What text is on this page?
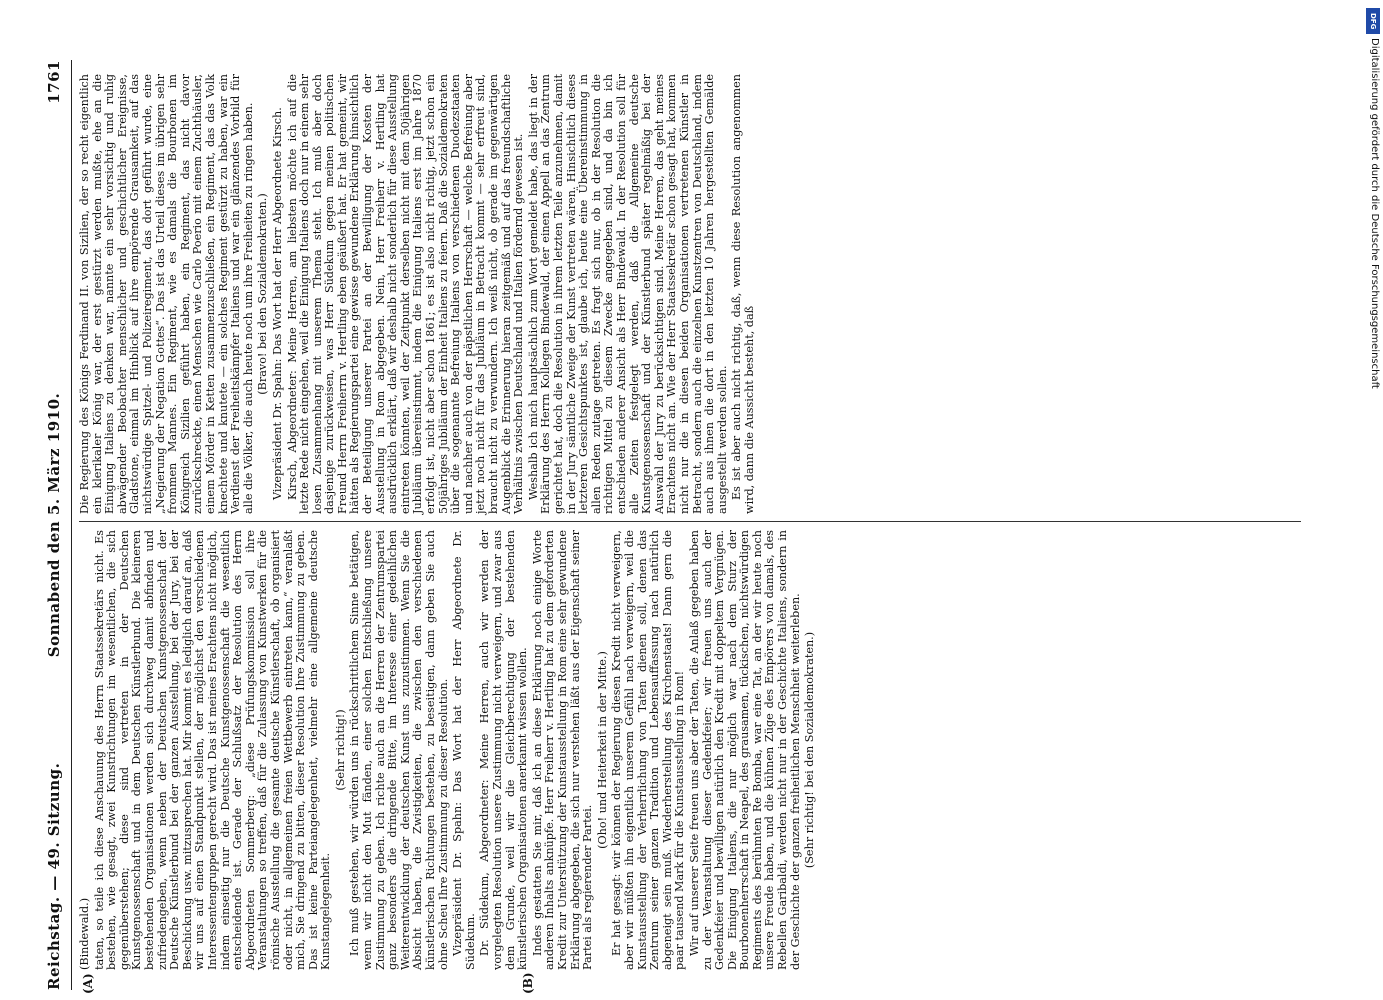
Reichstag. — 49. Sitzung.
Sonnabend den 5. März 1910.
1761
(A)	(B)

(Bindewald.) taten, so teile ich diese Anschauung des Herrn Staatssekretärs nicht. Es bestehen, wie gesagt, zwei Kunstrichtungen im wesentlichen, die sich gegenüberstehen; diese sind vertreten in der Deutschen Kunstgenossenschaft und in dem Deutschen Künstlerbund. Die kleineren bestehenden Organisationen werden sich durchweg damit abfinden und zufriedengeben, wenn neben der Deutschen Kunstgenossenschaft der Deutsche Künstlerbund bei der ganzen Ausstellung, bei der Jury, bei der Beschickung usw. mitzusprechen hat. Mir kommt es lediglich darauf an, daß wir uns auf einen Standpunkt stellen, der möglichst den verschiedenen Interessentengruppen gerecht wird. Das ist meines Erachtens nicht möglich, indem einseitig nur die Deutsche Kunstgenossenschaft die wesentlich entscheidende ist. Gerade der Schlußsatz der Resolution des Herrn Abgeordneten Sommerberg: „diese Prüfungskommission soll ihre Veranstaltungen so treffen, daß für die Zulassung von Kunstwerken für die römische Ausstellung die gesamte deutsche Künstlerschaft, ob organisiert oder nicht, in allgemeinen freien Wettbewerb eintreten kann,“ veranlaßt mich, Sie dringend zu bitten, dieser Resolution Ihre Zustimmung zu geben. Das ist keine Parteiangelegenheit, vielmehr eine allgemeine deutsche Kunstangelegenheit.

(Sehr richtig!) Ich muß gestehen, wir würden uns in rückschrittlichem Sinne betätigen, wenn wir nicht den Mut fänden, einer solchen Entschließung unsere Zustimmung zu geben. Ich richte auch an die Herren der Zentrumspartei ganz besonders die dringende Bitte, im Interesse einer gedeihlichen Weiterentwicklung der deutschen Kunst uns zuzustimmen. Wenn Sie die Absicht haben, die Zwistigkeiten, die zwischen den verschiedenen künstlerischen Richtungen bestehen, zu beseitigen, dann geben Sie auch ohne Scheu Ihre Zustimmung zu dieser Resolution. Vizepräsident Dr. Spahn: Das Wort hat der Herr Abgeordnete Dr. Südekum. Dr. Südekum, Abgeordneter: Meine Herren, auch wir werden der vorgelegten Resolution unsere Zustimmung nicht verweigern, und zwar aus dem Grunde, weil wir die Gleichberechtigung der bestehenden künstlerischen Organisationen anerkannt wissen wollen. Indes gestatten Sie mir, daß ich an diese Erklärung noch einige Worte anderen Inhalts anknüpfe. Herr Freiherr v. Hertling hat zu dem geforderten Kredit zur Unterstützung der Kunstausstellung in Rom eine sehr gewundene Erklärung abgegeben, die sich nur verstehen läßt aus der Eigenschaft seiner Partei als regierender Partei.

(Oho! und Heiterkeit in der Mitte.) Er hat gesagt: wir können der Regierung diesen Kredit nicht verweigern, aber wir müßten ihn eigentlich unserem Gefühl nach verweigern, weil die Kunstausstellung der Verherrlichung von Taten dienen soll, denen das Zentrum seiner ganzen Tradition und Lebensauffassung nach natürlich abgeneigt sein muß. Wiederherstellung des Kirchenstaats! Dann gern die paar tausend Mark für die Kunstausstellung in Rom! Wir auf unserer Seite freuen uns aber der Taten, die Anlaß gegeben haben zu der Veranstaltung dieser Gedenkfeier; wir freuen uns auch der Gedenkfeier und bewilligen natürlich den Kredit mit doppeltem Vergnügen. Die Einigung Italiens, die nur möglich war nach dem Sturz der Bourbonenherrschaft in Neapel, des grausamen, tückischen, nichtswürdigen Regiments des berühmten Re Bomba, war eine Tat, an der wir heute noch unsere Freude haben, und die kühnen Züge des Empörers von damals, des Rebellen Garibaldi, werden nicht nur in der Geschichte Italiens, sondern in der Geschichte der ganzen freiheitlichen Menschheit weiterleben. (Sehr richtig! bei den Sozialdemokraten.)

Die Regierung des Königs Ferdinand II. von Sizilien, der so recht eigentlich ein klerikaler König war, der erst gestürzt werden mußte, ehe an die Einigung Italiens zu denken war, nannte ein sehr vorsichtig und ruhig abwägender Beobachter menschlicher und geschichtlicher Ereignisse, Gladstone, einmal im Hinblick auf ihre empörende Grausamkeit, auf das nichtswürdige Spitzel- und Polizeiregiment, das dort geführt wurde, eine „Negierung der Negation Gottes“. Das ist das Urteil dieses im übrigen sehr frommen Mannes. Ein Regiment, wie es damals die Bourbonen im Königreich Sizilien geführt haben, ein Regiment, das nicht davor zurückschreckte, einen Menschen wie Carlo Poerio mit einem Zuchthäusler, einem Mörder in Ketten zusammenzuschließen, ein Regiment, das das Volk knechtete und knutete — ein solches Regiment gestürzt zu haben, war ein Verdienst der Freiheitskämpfer Italiens und war ein glänzendes Vorbild für alle die Völker, die auch heute noch um ihre Freiheiten zu ringen haben. (Bravo! bei den Sozialdemokraten.) Vizepräsident Dr. Spahn: Das Wort hat der Herr Abgeordnete Kirsch. Kirsch, Abgeordneter: Meine Herren, am liebsten möchte ich auf die letzte Rede nicht eingehen, weil die Einigung Italiens doch nur in einem sehr losen Zusammenhang mit unserem Thema steht. Ich muß aber doch dasjenige zurückweisen, was Herr Südekum gegen meinen politischen Freund Herrn Freiherrn v. Hertling eben geäußert hat. Er hat gemeint, wir hätten als Regierungspartei eine gewisse gewundene Erklärung hinsichtlich der Beteiligung unserer Partei an der Bewilligung der Kosten der Ausstellung in Rom abgegeben. Nein, Herr Freiherr v. Hertling hat ausdrücklich erklärt, daß wir deshalb nicht sonderlich für diese Ausstellung eintreten könnten, weil der Zeitpunkt derselben nicht mit dem 50jährigen Jubiläum übereinstimmt, indem die Einigung Italiens erst im Jahre 1870 erfolgt ist, nicht aber schon 1861; es ist also nicht richtig, jetzt schon ein 50jähriges Jubiläum der Einheit Italiens zu feiern. Daß die Sozialdemokraten über die sogenannte Befreiung Italiens von verschiedenen Duodezstaaten und nachher auch von der päpstlichen Herrschaft — welche Befreiung aber jetzt noch nicht für das Jubiläum in Betracht kommt — sehr erfreut sind, braucht nicht zu verwundern. Ich weiß nicht, ob gerade im gegenwärtigen Augenblick die Erinnerung hieran zeitgemäß und auf das freundschaftliche Verhältnis zwischen Deutschland und Italien fördernd gewesen ist. Weshalb ich mich hauptsächlich zum Wort gemeldet habe, das liegt in der Erklärung des Herrn Kollegen Bindewald, der einen Appell an das Zentrum gerichtet hat, doch die Resolution in ihrem letzten Teile anzunehmen, damit in der Jury sämtliche Zweige der Kunst vertreten wären. Hinsichtlich dieses letzteren Gesichtspunktes ist, glaube ich, heute eine Übereinstimmung in allen Reden zutage getreten. Es fragt sich nur, ob in der Resolution die richtigen Mittel zu diesem Zwecke angegeben sind, und da bin ich entschieden anderer Ansicht als Herr Bindewald. In der Resolution soll für alle Zeiten festgelegt werden, daß die Allgemeine deutsche Kunstgenossenschaft und der Künstlerbund später regelmäßig bei der Auswahl der Jury zu berücksichtigen sind. Meine Herren, das geht meines Erachtens nicht an. Wie der Herr Staatssekretär schon gesagt hat, kommen nicht nur die in diesen beiden Organisationen vertretenen Künstler in Betracht, sondern auch die einzelnen Kunstzentren von Deutschland, indem auch aus ihnen die dort in den letzten 10 Jahren hergestellten Gemälde ausgestellt werden sollen. Es ist aber auch nicht richtig, daß, wenn diese Resolution angenommen wird, dann die Aussicht besteht, daß

DFG
Digitalisierung gefördert durch die Deutsche Forschungsgemeinschaft
